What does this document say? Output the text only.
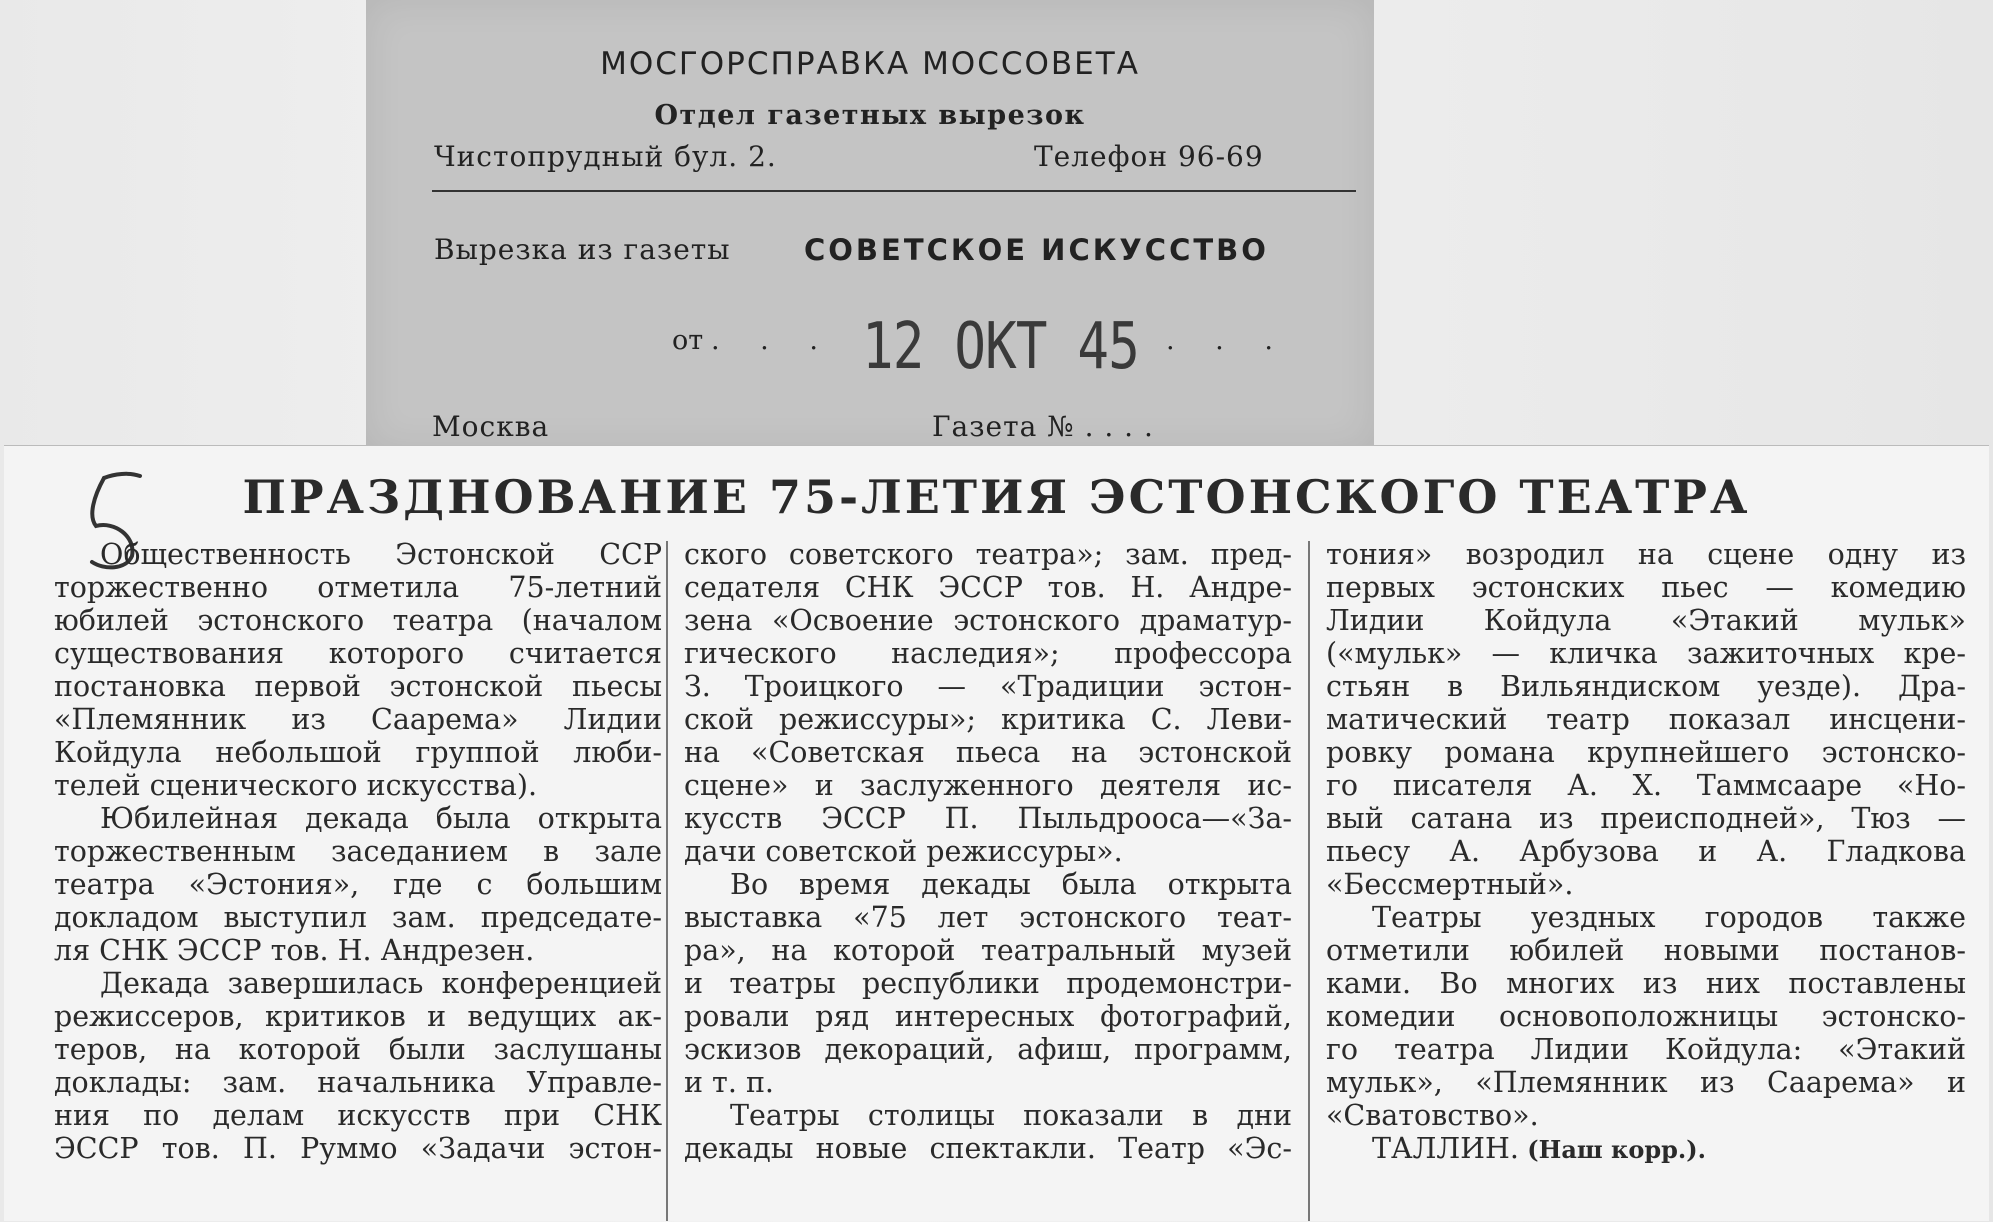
МОСГОРСПРАВКА МОССОВЕТА
Отдел газетных вырезок
Чистопрудный бул. 2.	Телефон 96-69
Вырезка из газеты	СОВЕТСКОЕ ИСКУССТВО
от . . . 12 ОКТ 45 . . .
Москва	Газета № . . . .
ПРАЗДНОВАНИЕ 75-ЛЕТИЯ ЭСТОНСКОГО ТЕАТРА
Общественность Эстонской ССР
торжественно отметила 75-летний
юбилей эстонского театра (началом
существования которого считается
постановка первой эстонской пьесы
«Племянник из Саарема» Лидии
Койдула небольшой группой люби-
телей сценического искусства).
Юбилейная декада была открыта
торжественным заседанием в зале
театра «Эстония», где с большим
докладом выступил зам. председате-
ля СНК ЭССР тов. Н. Андрезен.
Декада завершилась конференцией
режиссеров, критиков и ведущих ак-
теров, на которой были заслушаны
доклады: зам. начальника Управле-
ния по делам искусств при СНК
ЭССР тов. П. Руммо «Задачи эстон-
ского советского театра»; зам. пред-
седателя СНК ЭССР тов. Н. Андре-
зена «Освоение эстонского драматур-
гического наследия»; профессора
З. Троицкого — «Традиции эстон-
ской режиссуры»; критика С. Леви-
на «Советская пьеса на эстонской
сцене» и заслуженного деятеля ис-
кусств ЭССР П. Пыльдрооса—«За-
дачи советской режиссуры».
Во время декады была открыта
выставка «75 лет эстонского теат-
ра», на которой театральный музей
и театры республики продемонстри-
ровали ряд интересных фотографий,
эскизов декораций, афиш, программ,
и т. п.
Театры столицы показали в дни
декады новые спектакли. Театр «Эс-
тония» возродил на сцене одну из
первых эстонских пьес — комедию
Лидии Койдула «Этакий мульк»
(«мульк» — кличка зажиточных кре-
стьян в Вильяндиском уезде). Дра-
матический театр показал инсцени-
ровку романа крупнейшего эстонско-
го писателя А. Х. Таммсааре «Но-
вый сатана из преисподней», Тюз —
пьесу А. Арбузова и А. Гладкова
«Бессмертный».
Театры уездных городов также
отметили юбилей новыми постанов-
ками. Во многих из них поставлены
комедии основоположницы эстонско-
го театра Лидии Койдула: «Этакий
мульк», «Племянник из Саарема» и
«Сватовство».
ТАЛЛИН. (Наш корр.).
